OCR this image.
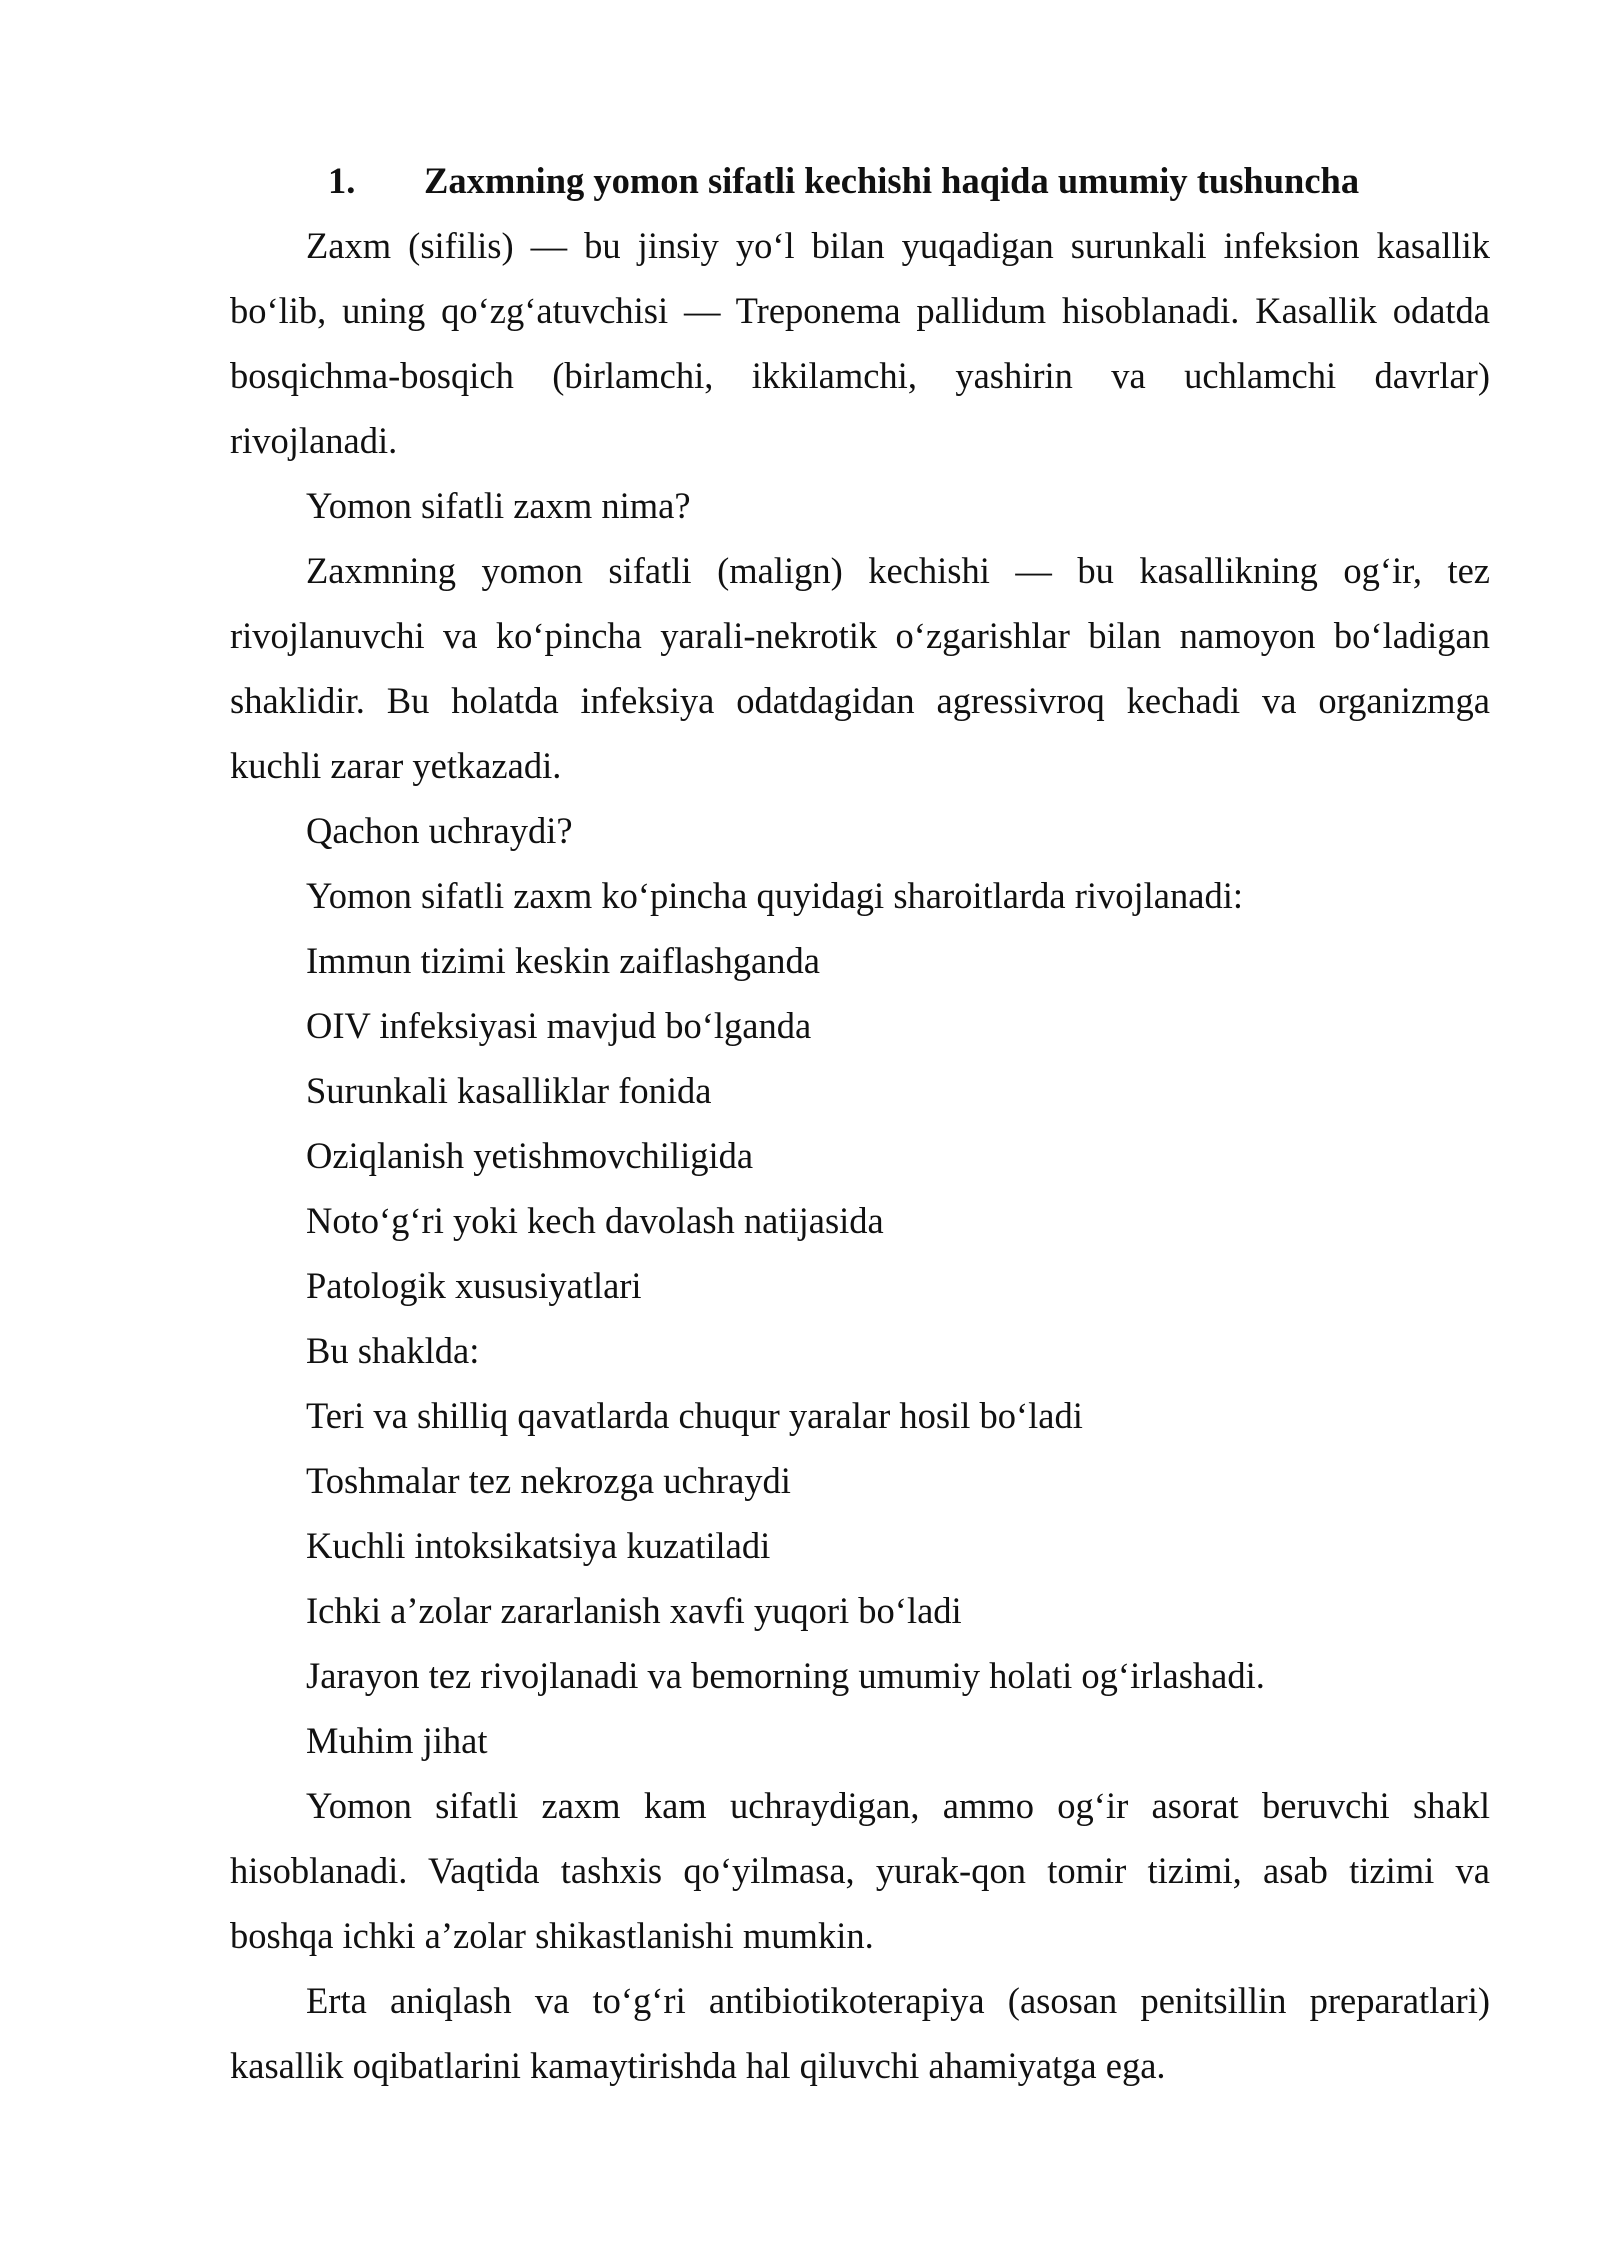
1. Zaxmning yomon sifatli kechishi haqida umumiy tushuncha
Zaxm (sifilis) — bu jinsiy yo‘l bilan yuqadigan surunkali infeksion kasallik
bo‘lib, uning qo‘zg‘atuvchisi — Treponema pallidum hisoblanadi. Kasallik odatda
bosqichma-bosqich (birlamchi, ikkilamchi, yashirin va uchlamchi davrlar)
rivojlanadi.
Yomon sifatli zaxm nima?
Zaxmning yomon sifatli (malign) kechishi — bu kasallikning og‘ir, tez
rivojlanuvchi va ko‘pincha yarali-nekrotik o‘zgarishlar bilan namoyon bo‘ladigan
shaklidir. Bu holatda infeksiya odatdagidan agressivroq kechadi va organizmga
kuchli zarar yetkazadi.
Qachon uchraydi?
Yomon sifatli zaxm ko‘pincha quyidagi sharoitlarda rivojlanadi:
Immun tizimi keskin zaiflashganda
OIV infeksiyasi mavjud bo‘lganda
Surunkali kasalliklar fonida
Oziqlanish yetishmovchiligida
Noto‘g‘ri yoki kech davolash natijasida
Patologik xususiyatlari
Bu shaklda:
Teri va shilliq qavatlarda chuqur yaralar hosil bo‘ladi
Toshmalar tez nekrozga uchraydi
Kuchli intoksikatsiya kuzatiladi
Ichki a’zolar zararlanish xavfi yuqori bo‘ladi
Jarayon tez rivojlanadi va bemorning umumiy holati og‘irlashadi.
Muhim jihat
Yomon sifatli zaxm kam uchraydigan, ammo og‘ir asorat beruvchi shakl
hisoblanadi. Vaqtida tashxis qo‘yilmasa, yurak-qon tomir tizimi, asab tizimi va
boshqa ichki a’zolar shikastlanishi mumkin.
Erta aniqlash va to‘g‘ri antibiotikoterapiya (asosan penitsillin preparatlari)
kasallik oqibatlarini kamaytirishda hal qiluvchi ahamiyatga ega.
